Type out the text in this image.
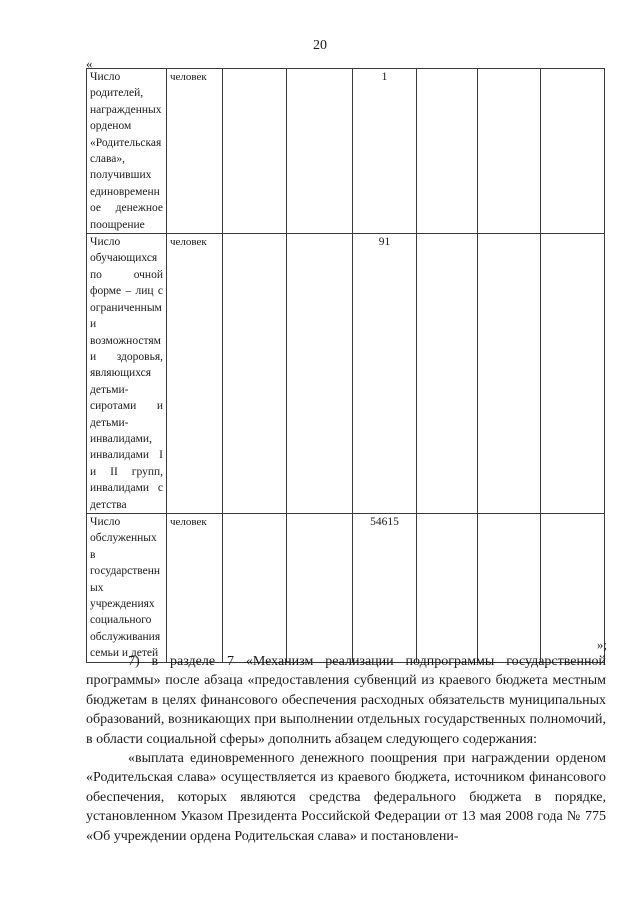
20
«
Число родителей, награжденных орденом «Родительская слава», получивших единовременное денежное поощрение	человек			1			
Число обучающихся по очной форме – лиц с ограниченными возможностями здоровья, являющихся детьми-сиротами и детьми-инвалидами, инвалидами I и II групп, инвалидами с детства	человек			91			
Число обслуженных в государственных учреждениях социального обслуживания семьи и детей	человек			54615			
»;

7) в разделе 7 «Механизм реализации подпрограммы государственной программы» после абзаца «предоставления субвенций из краевого бюджета местным бюджетам в целях финансового обеспечения расходных обязательств муниципальных образований, возникающих при выполнении отдельных государственных полномочий, в области социальной сферы» дополнить абзацем следующего содержания:

«выплата единовременного денежного поощрения при награждении орденом «Родительская слава» осуществляется из краевого бюджета, источником финансового обеспечения, которых являются средства федерального бюджета в порядке, установленном Указом Президента Российской Федерации от 13 мая 2008 года № 775 «Об учреждении ордена Родительская слава» и постановлени-
